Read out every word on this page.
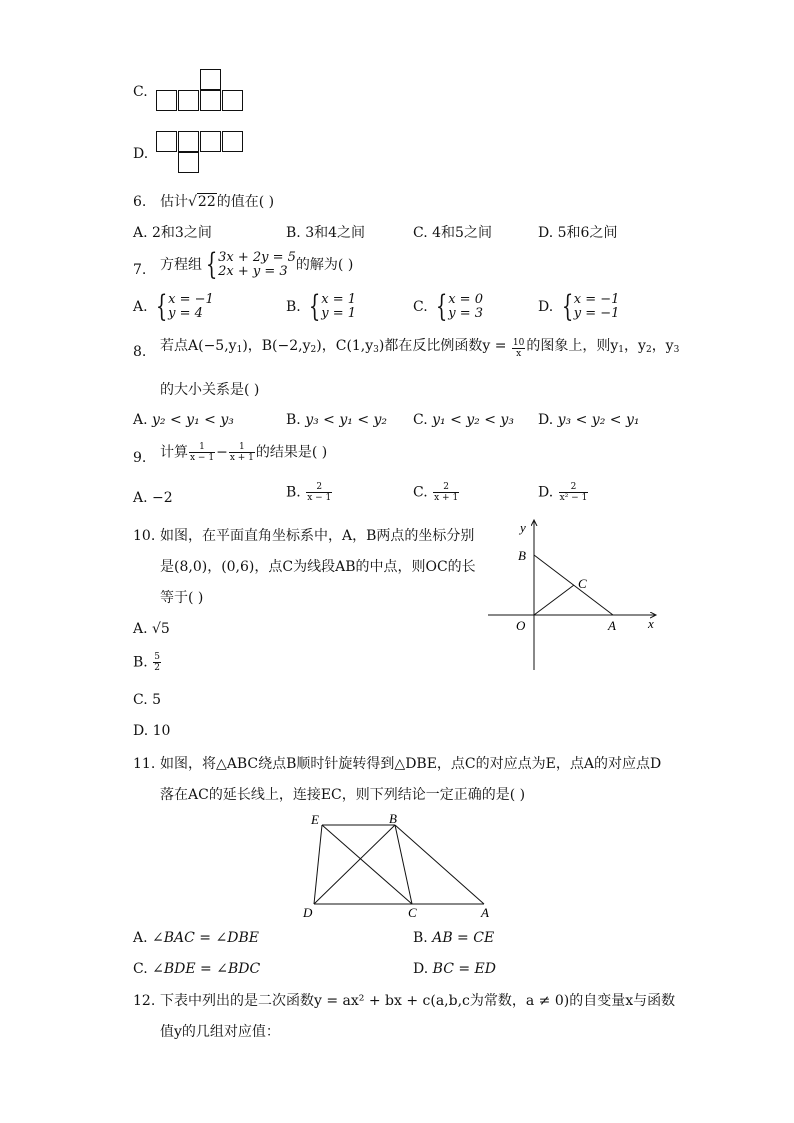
C.
D.
6. 估计√22的值在( )
A. 2和3之间	B. 3和4之间	C. 4和5之间	D. 5和6之间
7. 方程组 {3x + 2y = 5
2x + y = 3 的解为( )
A. {x = −1
y = 4	B. {x = 1
y = 1	C. {x = 0
y = 3	D. {x = −1
y = −1
8. 若点$A(-5,y_1)$，$B(-2,y_2)$，$C(1,y_3)$都在反比例函数$y = \frac{10}{x}$ 的图象上，则$y_1$，$y_2$，$y_3$
的大小关系是( )
A. y₂ < y₁ < y₃	B. y₃ < y₁ < y₂ C. y₁ < y₂ < y₃ D. y₃ < y₂ < y₁
9. 计算 $\frac{1}{x - 1} - \frac{1}{x + 1}$ 的结果是( )
A. −2	B. $\frac{2}{x - 1}$	C. $\frac{2}{x + 1}$	D. $\frac{2}{\text{x² − 1}}$
10. 如图，在平面直角坐标系中，A，B两点的坐标分别
是(8,0)，(0,6)，点C为线段AB的中点，则OC的长
等于( )
A. √5
B. $\frac{5}{2}$
C. 5
D. 10
y
B
C
O	A x
11. 如图，将△ABC绕点B顺时针旋转得到△DBE，点C的对应点为E，点A的对应点D
落在AC的延长线上，连接EC，则下列结论一定正确的是( )
E	B
D	C	A
A. ∠BAC = ∠DBE	B. AB = CE
C. ∠BDE = ∠BDC	D. BC = ED
12. 下表中列出的是二次函数y = ax² + bx + c(a,b,c为常数，a ≠ 0)的自变量x与函数
值y的几组对应值：
